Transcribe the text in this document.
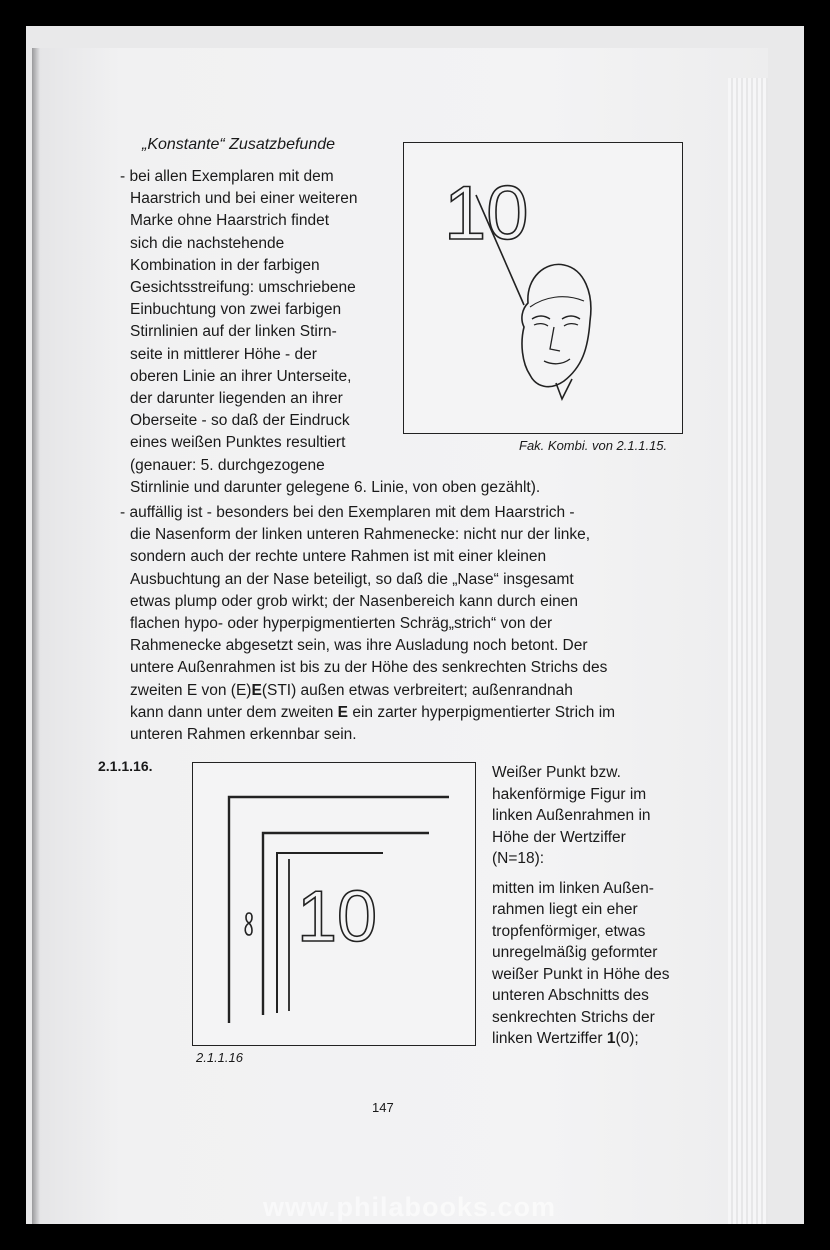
„Konstante“ Zusatzbefunde
- bei allen Exemplaren mit dem
Haarstrich und bei einer weiteren
Marke ohne Haarstrich findet
sich die nachstehende
Kombination in der farbigen
Gesichtsstreifung: umschriebene
Einbuchtung von zwei farbigen
Stirnlinien auf der linken Stirn-
seite in mittlerer Höhe - der
oberen Linie an ihrer Unterseite,
der darunter liegenden an ihrer
Oberseite - so daß der Eindruck
eines weißen Punktes resultiert
(genauer: 5. durchgezogene
Stirnlinie und darunter gelegene 6. Linie, von oben gezählt).
10
Fak. Kombi. von 2.1.1.15.
- auffällig ist - besonders bei den Exemplaren mit dem Haarstrich -
die Nasenform der linken unteren Rahmenecke: nicht nur der linke,
sondern auch der rechte untere Rahmen ist mit einer kleinen
Ausbuchtung an der Nase beteiligt, so daß die „Nase“ insgesamt
etwas plump oder grob wirkt; der Nasenbereich kann durch einen
flachen hypo- oder hyperpigmentierten Schräg„strich“ von der
Rahmenecke abgesetzt sein, was ihre Ausladung noch betont. Der
untere Außenrahmen ist bis zu der Höhe des senkrechten Strichs des
zweiten E von (E)E(STI) außen etwas verbreitert; außenrandnah
kann dann unter dem zweiten E ein zarter hyperpigmentierter Strich im
unteren Rahmen erkennbar sein.
2.1.1.16.
10
2.1.1.16
Weißer Punkt bzw.
hakenförmige Figur im
linken Außenrahmen in
Höhe der Wertziffer
(N=18):
mitten im linken Außen-
rahmen liegt ein eher
tropfenförmiger, etwas
unregelmäßig geformter
weißer Punkt in Höhe des
unteren Abschnitts des
senkrechten Strichs der
linken Wertziffer 1(0);
147
www.philabooks.com
